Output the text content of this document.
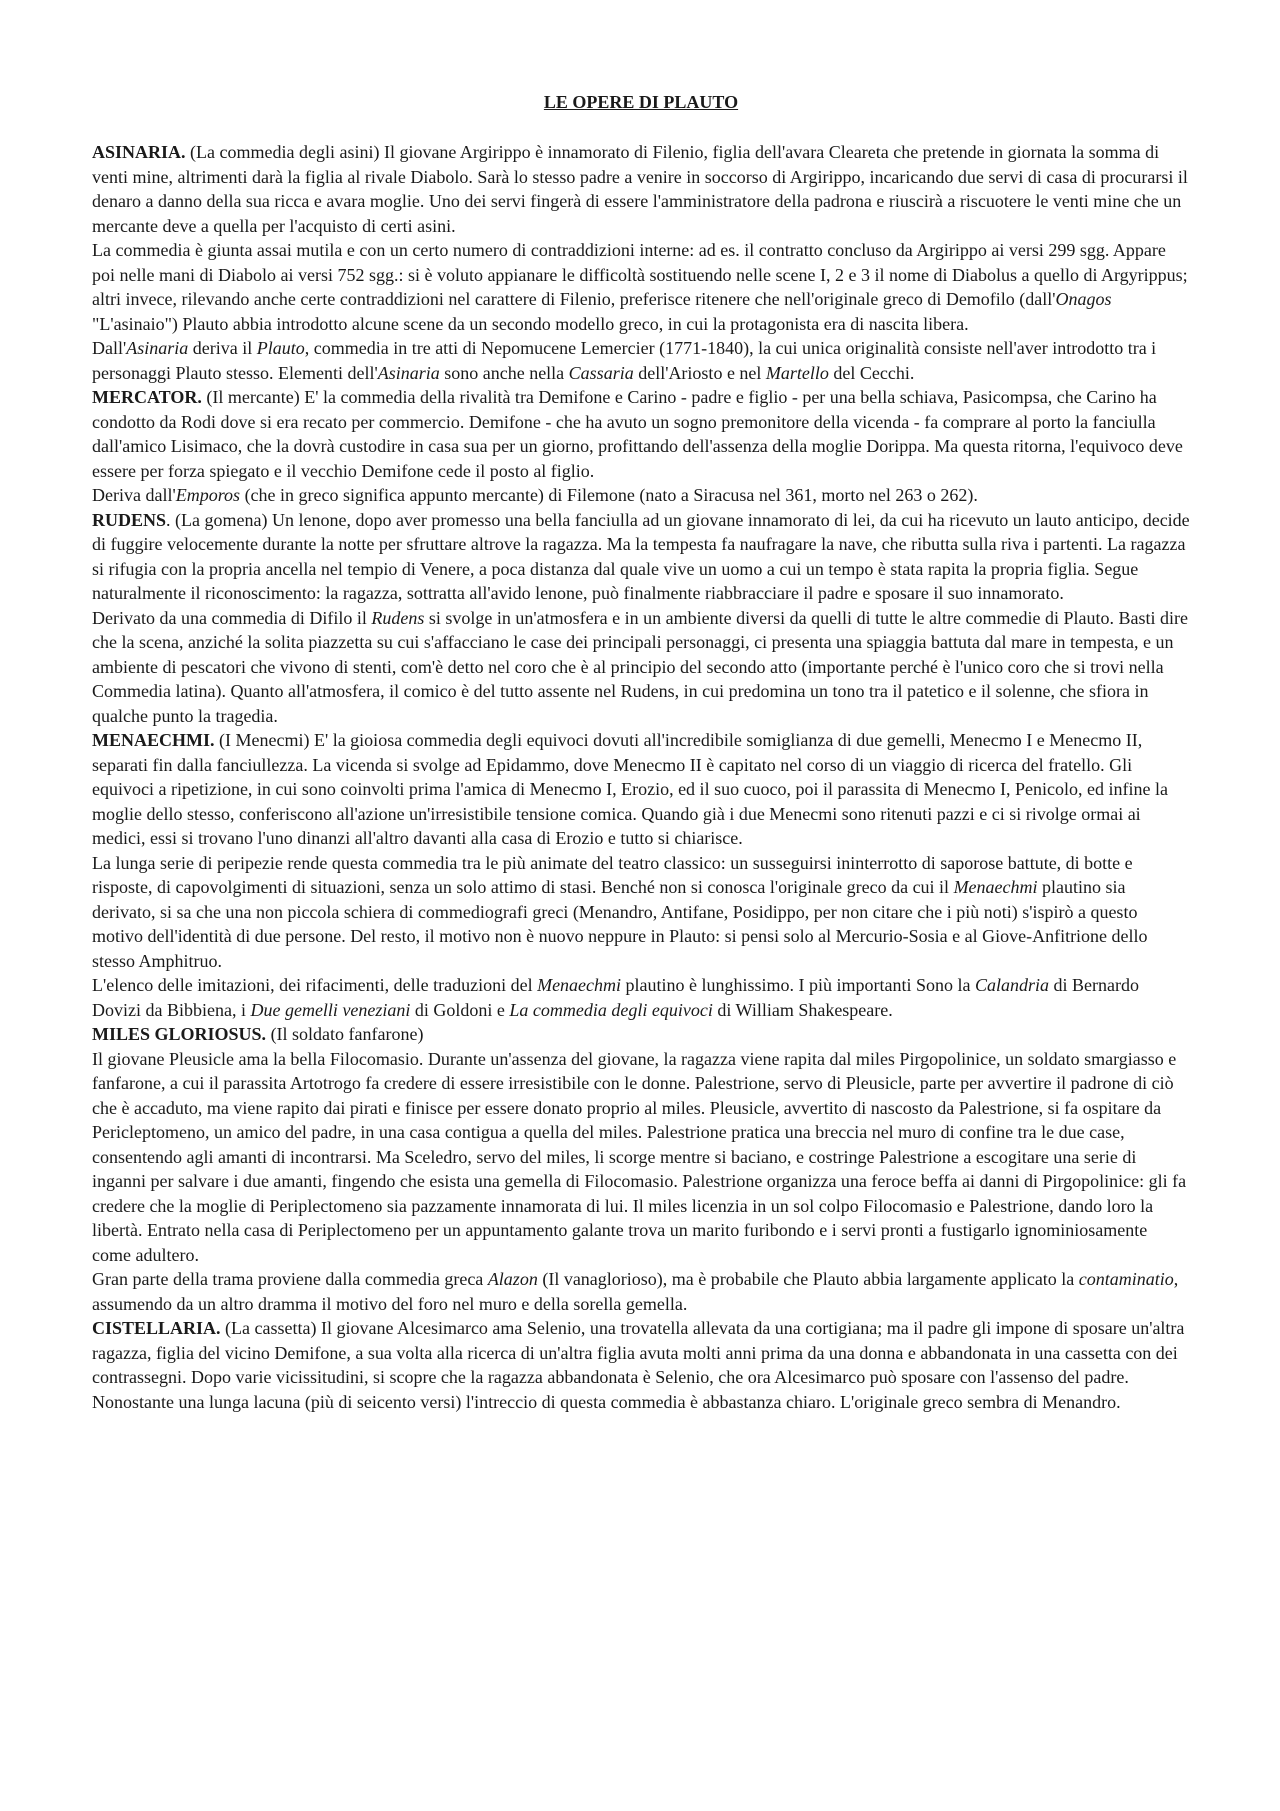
LE OPERE DI PLAUTO

ASINARIA. (La commedia degli asini) Il giovane Argirippo è innamorato di Filenio, figlia dell'avara Cleareta che pretende in giornata la somma di venti mine, altrimenti darà la figlia al rivale Diabolo. Sarà lo stesso padre a venire in soccorso di Argirippo, incaricando due servi di casa di procurarsi il denaro a danno della sua ricca e avara moglie. Uno dei servi fingerà di essere l'amministratore della padrona e riuscirà a riscuotere le venti mine che un mercante deve a quella per l'acquisto di certi asini.

La commedia è giunta assai mutila e con un certo numero di contraddizioni interne: ad es. il contratto concluso da Argirippo ai versi 299 sgg. Appare poi nelle mani di Diabolo ai versi 752 sgg.: si è voluto appianare le difficoltà sostituendo nelle scene I, 2 e 3 il nome di Diabolus a quello di Argyrippus; altri invece, rilevando anche certe contraddizioni nel carattere di Filenio, preferisce ritenere che nell'originale greco di Demofilo (dall'Onagos "L'asinaio") Plauto abbia introdotto alcune scene da un secondo modello greco, in cui la protagonista era di nascita libera.

Dall'Asinaria deriva il Plauto, commedia in tre atti di Nepomucene Lemercier (1771-1840), la cui unica originalità consiste nell'aver introdotto tra i personaggi Plauto stesso. Elementi dell'Asinaria sono anche nella Cassaria dell'Ariosto e nel Martello del Cecchi.

MERCATOR. (Il mercante) E' la commedia della rivalità tra Demifone e Carino - padre e figlio - per una bella schiava, Pasicompsa, che Carino ha condotto da Rodi dove si era recato per commercio. Demifone - che ha avuto un sogno premonitore della vicenda - fa comprare al porto la fanciulla dall'amico Lisimaco, che la dovrà custodire in casa sua per un giorno, profittando dell'assenza della moglie Dorippa. Ma questa ritorna, l'equivoco deve essere per forza spiegato e il vecchio Demifone cede il posto al figlio.

Deriva dall'Emporos (che in greco significa appunto mercante) di Filemone (nato a Siracusa nel 361, morto nel 263 o 262).

RUDENS. (La gomena) Un lenone, dopo aver promesso una bella fanciulla ad un giovane innamorato di lei, da cui ha ricevuto un lauto anticipo, decide di fuggire velocemente durante la notte per sfruttare altrove la ragazza. Ma la tempesta fa naufragare la nave, che ributta sulla riva i partenti. La ragazza si rifugia con la propria ancella nel tempio di Venere, a poca distanza dal quale vive un uomo a cui un tempo è stata rapita la propria figlia. Segue naturalmente il riconoscimento: la ragazza, sottratta all'avido lenone, può finalmente riabbracciare il padre e sposare il suo innamorato.

Derivato da una commedia di Difilo il Rudens si svolge in un'atmosfera e in un ambiente diversi da quelli di tutte le altre commedie di Plauto. Basti dire che la scena, anziché la solita piazzetta su cui s'affacciano le case dei principali personaggi, ci presenta una spiaggia battuta dal mare in tempesta, e un ambiente di pescatori che vivono di stenti, com'è detto nel coro che è al principio del secondo atto (importante perché è l'unico coro che si trovi nella Commedia latina). Quanto all'atmosfera, il comico è del tutto assente nel Rudens, in cui predomina un tono tra il patetico e il solenne, che sfiora in qualche punto la tragedia.

MENAECHMI. (I Menecmi) E' la gioiosa commedia degli equivoci dovuti all'incredibile somiglianza di due gemelli, Menecmo I e Menecmo II, separati fin dalla fanciullezza. La vicenda si svolge ad Epidammo, dove Menecmo II è capitato nel corso di un viaggio di ricerca del fratello. Gli equivoci a ripetizione, in cui sono coinvolti prima l'amica di Menecmo I, Erozio, ed il suo cuoco, poi il parassita di Menecmo I, Penicolo, ed infine la moglie dello stesso, conferiscono all'azione un'irresistibile tensione comica. Quando già i due Menecmi sono ritenuti pazzi e ci si rivolge ormai ai medici, essi si trovano l'uno dinanzi all'altro davanti alla casa di Erozio e tutto si chiarisce.

La lunga serie di peripezie rende questa commedia tra le più animate del teatro classico: un susseguirsi ininterrotto di saporose battute, di botte e risposte, di capovolgimenti di situazioni, senza un solo attimo di stasi. Benché non si conosca l'originale greco da cui il Menaechmi plautino sia derivato, si sa che una non piccola schiera di commediografi greci (Menandro, Antifane, Posidippo, per non citare che i più noti) s'ispirò a questo motivo dell'identità di due persone. Del resto, il motivo non è nuovo neppure in Plauto: si pensi solo al Mercurio-Sosia e al Giove-Anfitrione dello stesso Amphitruo.

L'elenco delle imitazioni, dei rifacimenti, delle traduzioni del Menaechmi plautino è lunghissimo. I più importanti Sono la Calandria di Bernardo Dovizi da Bibbiena, i Due gemelli veneziani di Goldoni e La commedia degli equivoci di William Shakespeare.

MILES GLORIOSUS. (Il soldato fanfarone)

Il giovane Pleusicle ama la bella Filocomasio. Durante un'assenza del giovane, la ragazza viene rapita dal miles Pirgopolinice, un soldato smargiasso e fanfarone, a cui il parassita Artotrogo fa credere di essere irresistibile con le donne. Palestrione, servo di Pleusicle, parte per avvertire il padrone di ciò che è accaduto, ma viene rapito dai pirati e finisce per essere donato proprio al miles. Pleusicle, avvertito di nascosto da Palestrione, si fa ospitare da Pericleptomeno, un amico del padre, in una casa contigua a quella del miles. Palestrione pratica una breccia nel muro di confine tra le due case, consentendo agli amanti di incontrarsi. Ma Sceledro, servo del miles, li scorge mentre si baciano, e costringe Palestrione a escogitare una serie di inganni per salvare i due amanti, fingendo che esista una gemella di Filocomasio. Palestrione organizza una feroce beffa ai danni di Pirgopolinice: gli fa credere che la moglie di Periplectomeno sia pazzamente innamorata di lui. Il miles licenzia in un sol colpo Filocomasio e Palestrione, dando loro la libertà. Entrato nella casa di Periplectomeno per un appuntamento galante trova un marito furibondo e i servi pronti a fustigarlo ignominiosamente come adultero.

Gran parte della trama proviene dalla commedia greca Alazon (Il vanaglorioso), ma è probabile che Plauto abbia largamente applicato la contaminatio, assumendo da un altro dramma il motivo del foro nel muro e della sorella gemella.

CISTELLARIA. (La cassetta) Il giovane Alcesimarco ama Selenio, una trovatella allevata da una cortigiana; ma il padre gli impone di sposare un'altra ragazza, figlia del vicino Demifone, a sua volta alla ricerca di un'altra figlia avuta molti anni prima da una donna e abbandonata in una cassetta con dei contrassegni. Dopo varie vicissitudini, si scopre che la ragazza abbandonata è Selenio, che ora Alcesimarco può sposare con l'assenso del padre.

Nonostante una lunga lacuna (più di seicento versi) l'intreccio di questa commedia è abbastanza chiaro. L'originale greco sembra di Menandro.
